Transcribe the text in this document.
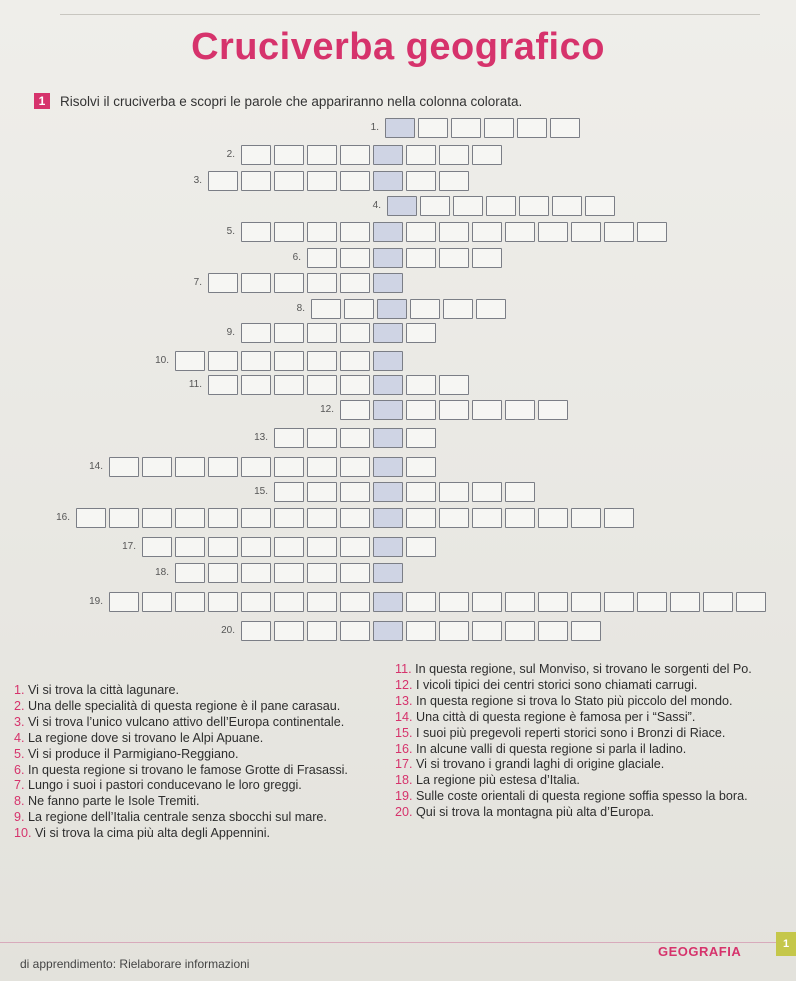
Cruciverba geografico
1	Risolvi il cruciverba e scopri le parole che appariranno nella colonna colorata.
1.
2.
3.
4.
5.
6.
7.
8.
9.
10.
11.
12.
13.
14.
15.
16.
17.
18.
19.
20.
1. Vi si trova la città lagunare.
2. Una delle specialità di questa regione è il pane carasau.
3. Vi si trova l’unico vulcano attivo dell’Europa continentale.
4. La regione dove si trovano le Alpi Apuane.
5. Vi si produce il Parmigiano-Reggiano.
6. In questa regione si trovano le famose Grotte di Frasassi.
7. Lungo i suoi i pastori conducevano le loro greggi.
8. Ne fanno parte le Isole Tremiti.
9. La regione dell’Italia centrale senza sbocchi sul mare.
10. Vi si trova la cima più alta degli Appennini.
11. In questa regione, sul Monviso, si trovano le sorgenti del Po.
12. I vicoli tipici dei centri storici sono chiamati carrugi.
13. In questa regione si trova lo Stato più piccolo del mondo.
14. Una città di questa regione è famosa per i “Sassi”.
15. I suoi più pregevoli reperti storici sono i Bronzi di Riace.
16. In alcune valli di questa regione si parla il ladino.
17. Vi si trovano i grandi laghi di origine glaciale.
18. La regione più estesa d’Italia.
19. Sulle coste orientali di questa regione soffia spesso la bora.
20. Qui si trova la montagna più alta d’Europa.
di apprendimento: Rielaborare informazioni
GEOGRAFIA	1
